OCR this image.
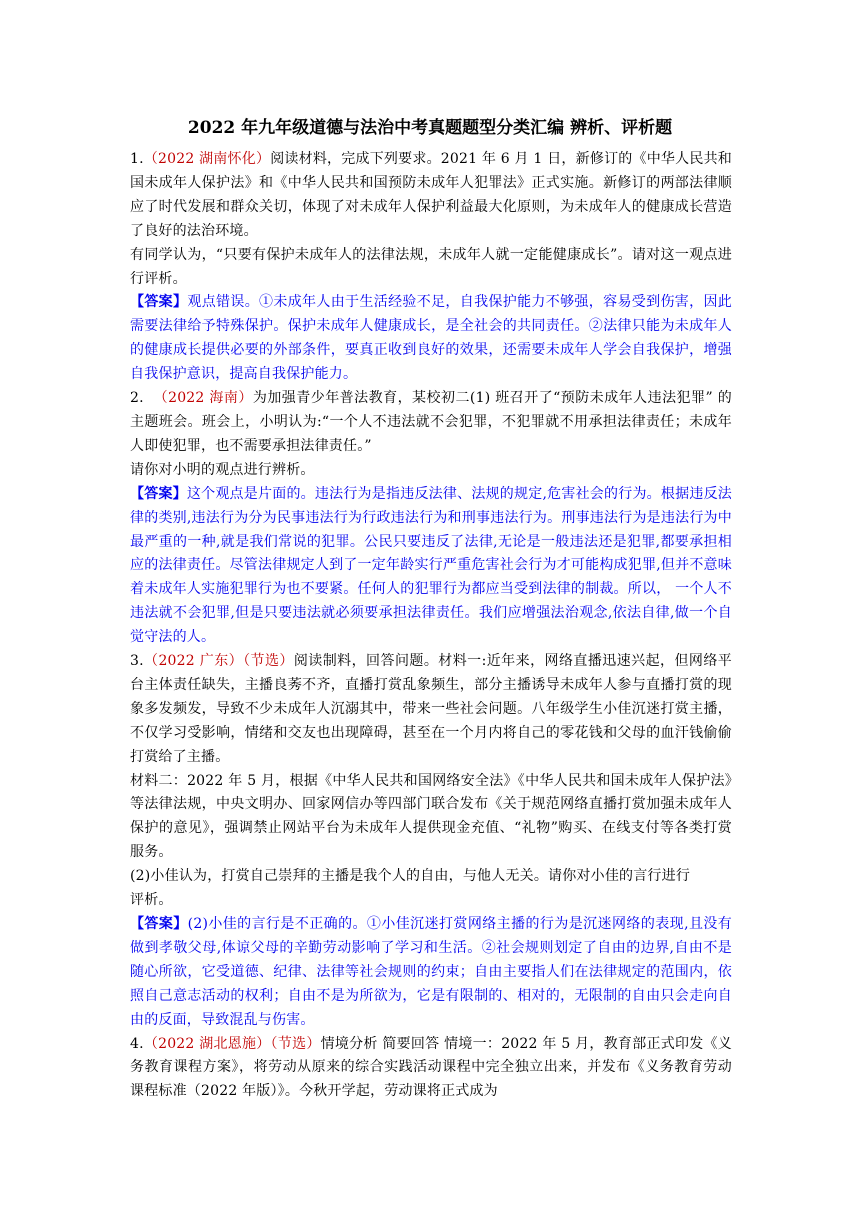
2022 年九年级道德与法治中考真题题型分类汇编 辨析、评析题

1.（2022 湖南怀化）阅读材料，完成下列要求。2021 年 6 月 1 日，新修订的《中华人民共和国未成年人保护法》和《中华人民共和国预防未成年人犯罪法》正式实施。新修订的两部法律顺应了时代发展和群众关切，体现了对未成年人保护利益最大化原则，为未成年人的健康成长营造了良好的法治环境。

有同学认为，“只要有保护未成年人的法律法规，未成年人就一定能健康成长”。请对这一观点进行评析。

【答案】观点错误。①未成年人由于生活经验不足，自我保护能力不够强，容易受到伤害，因此需要法律给予特殊保护。保护未成年人健康成长，是全社会的共同责任。②法律只能为未成年人的健康成长提供必要的外部条件，要真正收到良好的效果，还需要未成年人学会自我保护，增强自我保护意识，提高自我保护能力。

2. （2022 海南）为加强青少年普法教育，某校初二(1) 班召开了“预防未成年人违法犯罪” 的主题班会。班会上，小明认为:“一个人不违法就不会犯罪，不犯罪就不用承担法律责任；未成年人即使犯罪，也不需要承担法律责任。”

请你对小明的观点进行辨析。

【答案】这个观点是片面的。违法行为是指违反法律、法规的规定,危害社会的行为。根据违反法律的类别,违法行为分为民事违法行为行政违法行为和刑事违法行为。刑事违法行为是违法行为中最严重的一种,就是我们常说的犯罪。公民只要违反了法律,无论是一般违法还是犯罪,都要承担相应的法律责任。尽管法律规定人到了一定年龄实行严重危害社会行为才可能构成犯罪,但并不意味着未成年人实施犯罪行为也不要紧。任何人的犯罪行为都应当受到法律的制裁。所以， 一个人不违法就不会犯罪,但是只要违法就必须要承担法律责任。我们应增强法治观念,依法自律,做一个自觉守法的人。

3.（2022 广东）（节选）阅读制料，回答问题。材料一:近年来，网络直播迅速兴起，但网络平台主体责任缺失，主播良莠不齐，直播打赏乱象频生，部分主播诱导未成年人参与直播打赏的现象多发频发，导致不少未成年人沉溺其中，带来一些社会问题。八年级学生小佳沉迷打赏主播，不仅学习受影响，情绪和交友也出现障碍，甚至在一个月内将自己的零花钱和父母的血汗钱偷偷打赏给了主播。

材料二：2022 年 5 月，根据《中华人民共和国网络安全法》《中华人民共和国未成年人保护法》等法律法规，中央文明办、回家网信办等四部门联合发布《关于规范网络直播打赏加强未成年人保护的意见》，强调禁止网站平台为未成年人提供现金充值、“礼物”购买、在线支付等各类打赏服务。

(2)小佳认为，打赏自己崇拜的主播是我个人的自由，与他人无关。请你对小佳的言行进行

评析。

【答案】(2)小佳的言行是不正确的。①小佳沉迷打赏网络主播的行为是沉迷网络的表现,且没有做到孝敬父母,体谅父母的辛勤劳动影响了学习和生活。②社会规则划定了自由的边界,自由不是随心所欲，它受道德、纪律、法律等社会规则的约束；自由主要指人们在法律规定的范围内，依照自己意志活动的权利；自由不是为所欲为，它是有限制的、相对的，无限制的自由只会走向自由的反面，导致混乱与伤害。

4.（2022 湖北恩施）（节选）情境分析 简要回答 情境一：2022 年 5 月，教育部正式印发《义务教育课程方案》，将劳动从原来的综合实践活动课程中完全独立出来，并发布《义务教育劳动课程标准（2022 年版）》。今秋开学起，劳动课将正式成为
